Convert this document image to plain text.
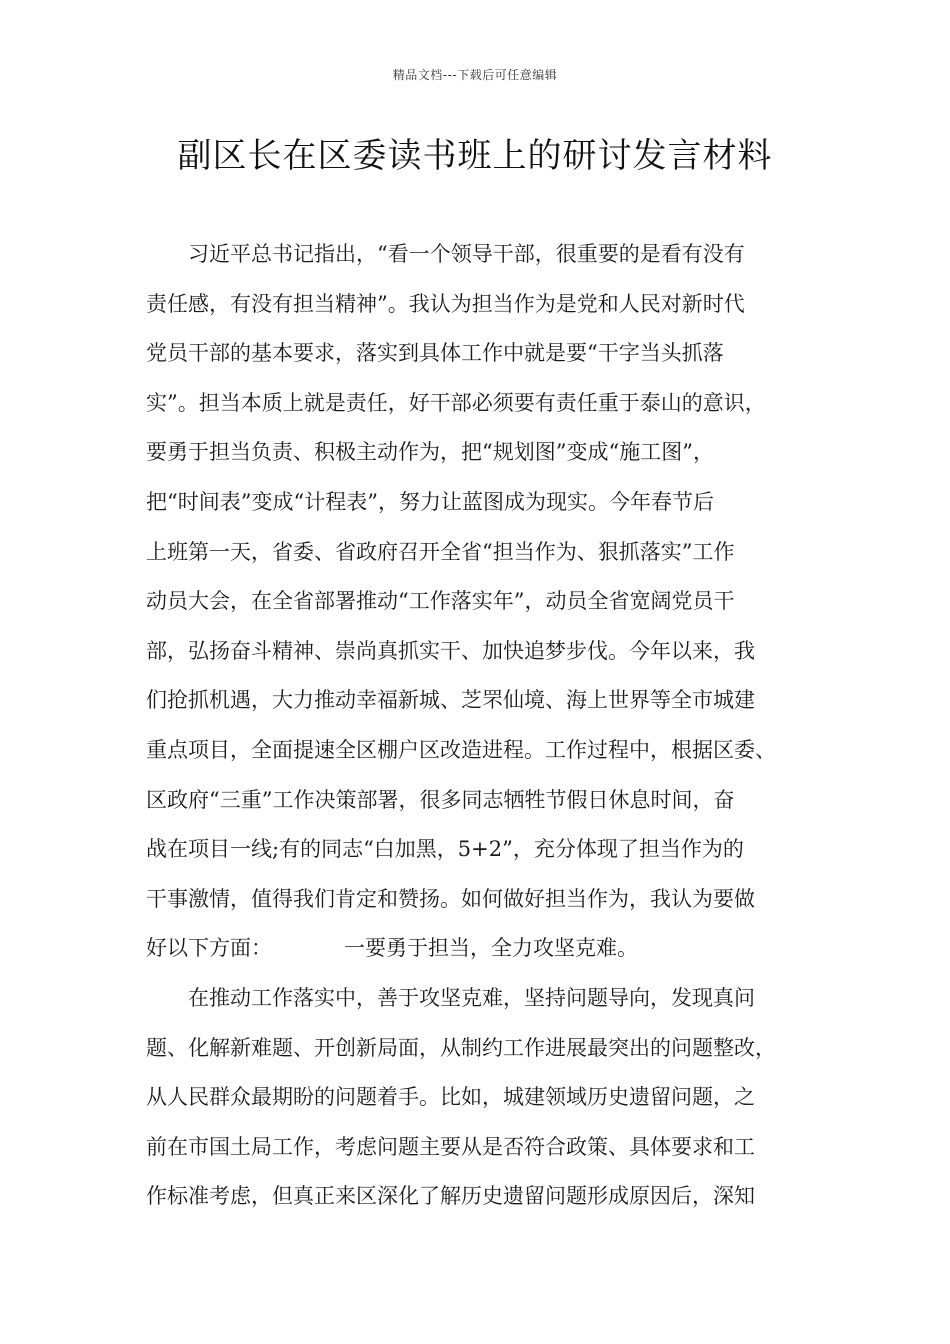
精品文档---下载后可任意编辑
副区长在区委读书班上的研讨发言材料
习近平总书记指出，“看一个领导干部，很重要的是看有没有
责任感，有没有担当精神”。我认为担当作为是党和人民对新时代
党员干部的基本要求，落实到具体工作中就是要“干字当头抓落
实”。担当本质上就是责任，好干部必须要有责任重于泰山的意识，
要勇于担当负责、积极主动作为，把“规划图”变成“施工图”，
把“时间表”变成“计程表”，努力让蓝图成为现实。今年春节后
上班第一天，省委、省政府召开全省“担当作为、狠抓落实”工作
动员大会，在全省部署推动“工作落实年”，动员全省宽阔党员干
部，弘扬奋斗精神、崇尚真抓实干、加快追梦步伐。今年以来，我
们抢抓机遇，大力推动幸福新城、芝罘仙境、海上世界等全市城建
重点项目，全面提速全区棚户区改造进程。工作过程中，根据区委、
区政府“三重”工作决策部署，很多同志牺牲节假日休息时间，奋
战在项目一线;有的同志“白加黑，5+2”，充分体现了担当作为的
干事激情，值得我们肯定和赞扬。如何做好担当作为，我认为要做
好以下方面：	一要勇于担当，全力攻坚克难。
在推动工作落实中，善于攻坚克难，坚持问题导向，发现真问
题、化解新难题、开创新局面，从制约工作进展最突出的问题整改，
从人民群众最期盼的问题着手。比如，城建领域历史遗留问题，之
前在市国土局工作，考虑问题主要从是否符合政策、具体要求和工
作标准考虑，但真正来区深化了解历史遗留问题形成原因后，深知
